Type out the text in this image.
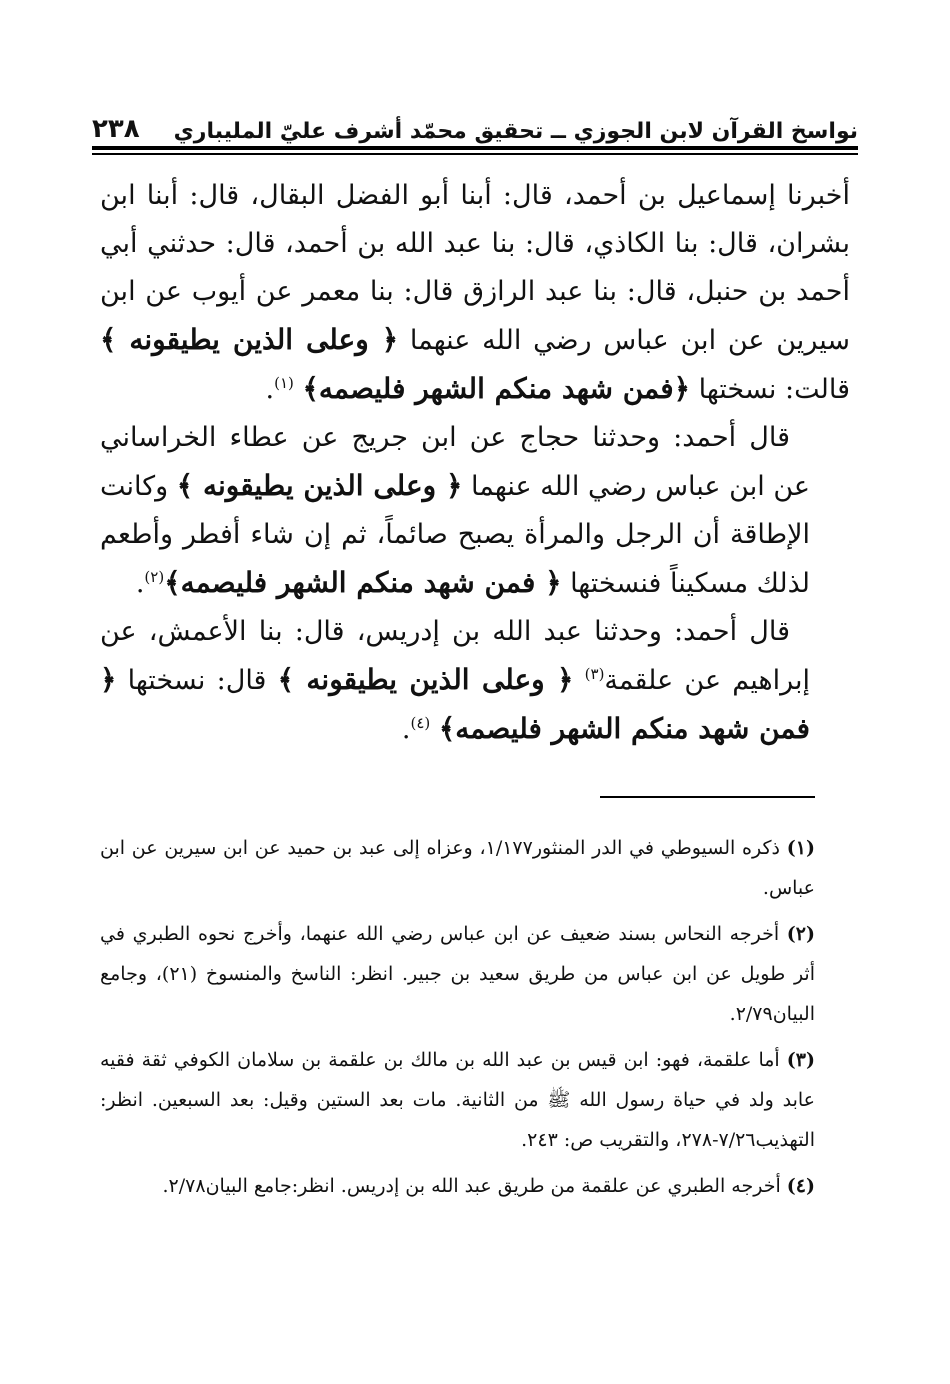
نواسخ القرآن لابن الجوزي ــ تحقيق محمّد أشرف عليّ المليباري
٢٣٨

أخبرنا إسماعيل بن أحمد، قال: أبنا أبو الفضل البقال، قال: أبنا ابن بشران، قال: بنا الكاذي، قال: بنا عبد الله بن أحمد، قال: حدثني أبي أحمد بن حنبل، قال: بنا عبد الرازق قال: بنا معمر عن أيوب عن ابن سيرين عن ابن عباس رضي الله عنهما ﴿ وعلى الذين يطيقونه ﴾ قالت: نسختها ﴿فمن شهد منكم الشهر فليصمه﴾ $^{(١)}$.

قال أحمد: وحدثنا حجاج عن ابن جريج عن عطاء الخراساني عن ابن عباس رضي الله عنهما ﴿ وعلى الذين يطيقونه ﴾ وكانت الإطاقة أن الرجل والمرأة يصبح صائماً، ثم إن شاء أفطر وأطعم لذلك مسكيناً فنسختها ﴿ فمن شهد منكم الشهر فليصمه﴾$^{(٢)}$.

قال أحمد: وحدثنا عبد الله بن إدريس، قال: بنا الأعمش، عن إبراهيم عن علقمة$^{(٣)}$ ﴿ وعلى الذين يطيقونه ﴾ قال: نسختها ﴿ فمن شهد منكم الشهر فليصمه﴾ $^{(٤)}$.

(١) ذكره السيوطي في الدر المنثور١/١٧٧، وعزاه إلى عبد بن حميد عن ابن سيرين عن ابن عباس.

(٢) أخرجه النحاس بسند ضعيف عن ابن عباس رضي الله عنهما، وأخرج نحوه الطبري في أثر طويل عن ابن عباس من طريق سعيد بن جبير. انظر: الناسخ والمنسوخ (٢١)، وجامع البيان٢/٧٩.

(٣) أما علقمة، فهو: ابن قيس بن عبد الله بن مالك بن علقمة بن سلامان الكوفي ثقة فقيه عابد ولد في حياة رسول الله ﷺ من الثانية. مات بعد الستين وقيل: بعد السبعين. انظر: التهذيب٧/٢٦-٢٧٨، والتقريب ص: ٢٤٣.

(٤) أخرجه الطبري عن علقمة من طريق عبد الله بن إدريس. انظر:جامع البيان٢/٧٨.
